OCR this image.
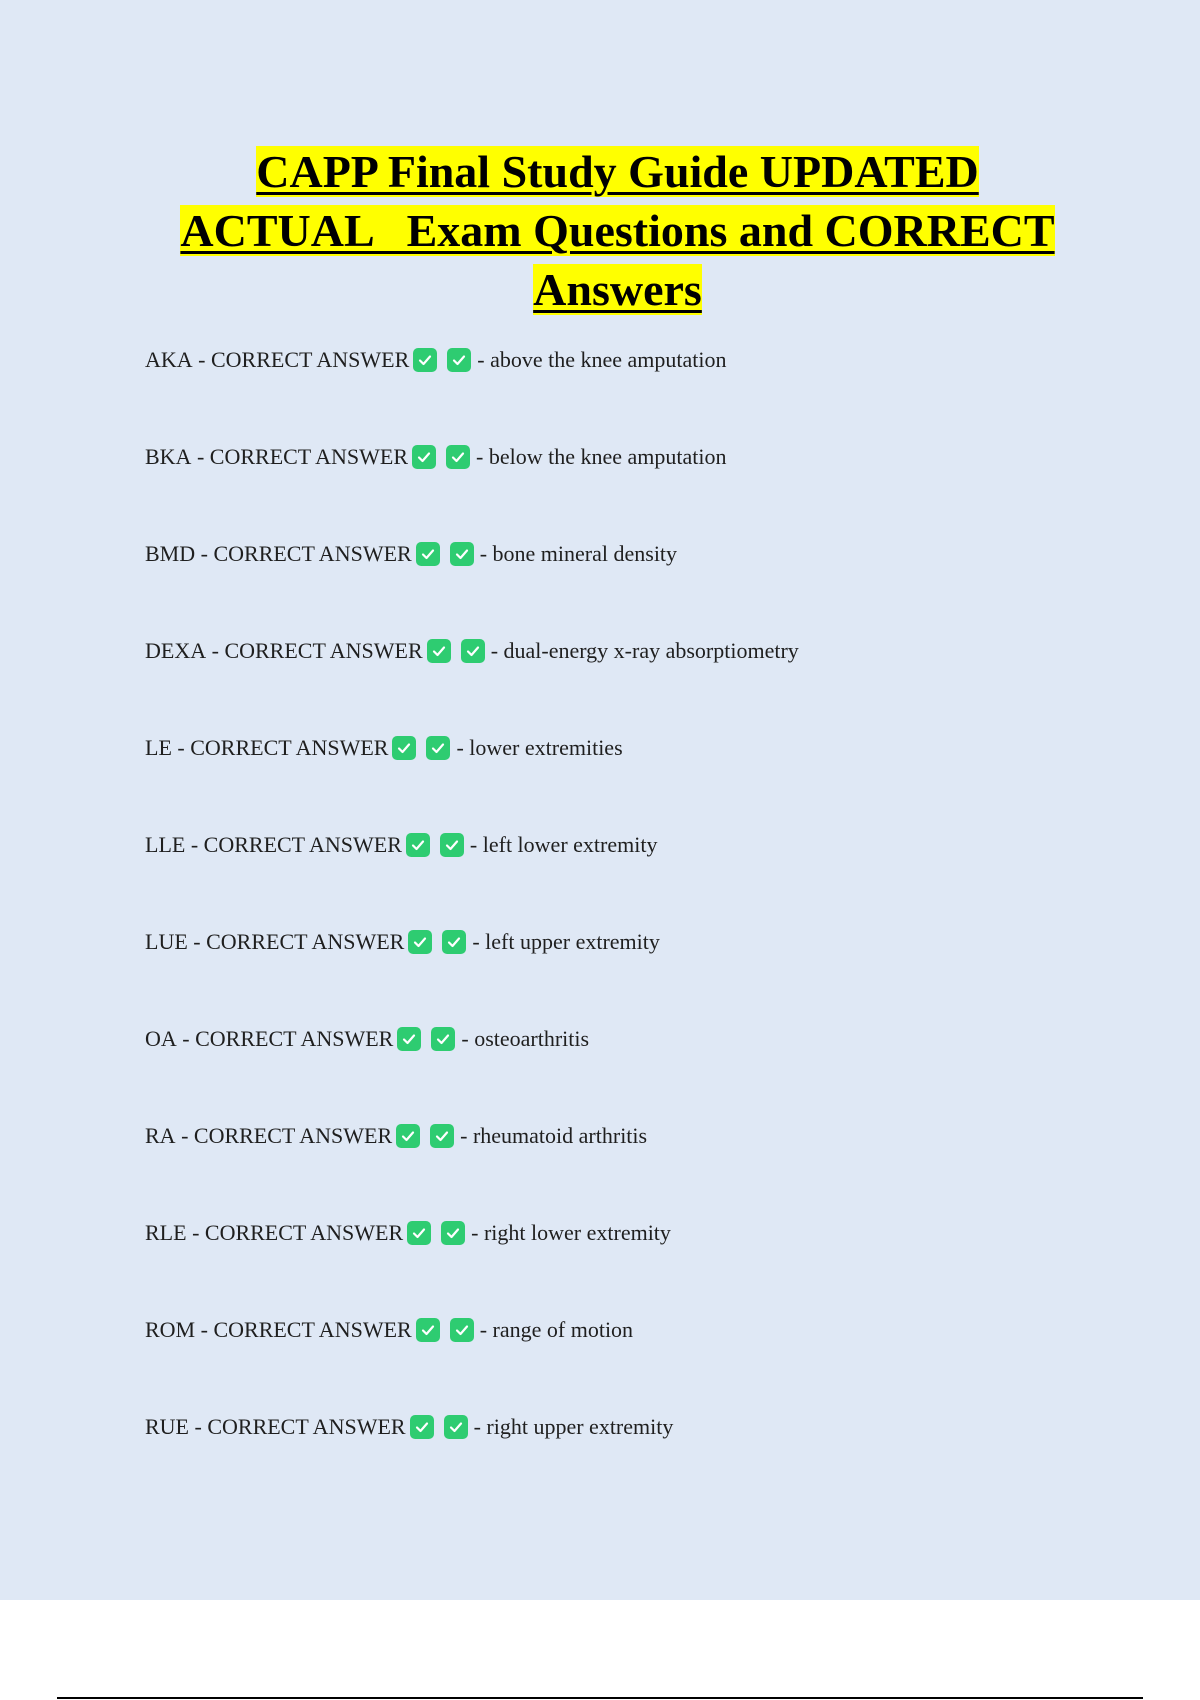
CAPP Final Study Guide UPDATED
ACTUAL   Exam Questions and CORRECT
Answers
AKA - CORRECT ANSWER	- above the knee amputation
BKA - CORRECT ANSWER	- below the knee amputation
BMD - CORRECT ANSWER	- bone mineral density
DEXA - CORRECT ANSWER	- dual-energy x-ray absorptiometry
LE - CORRECT ANSWER	- lower extremities
LLE - CORRECT ANSWER	- left lower extremity
LUE - CORRECT ANSWER	- left upper extremity
OA - CORRECT ANSWER	- osteoarthritis
RA - CORRECT ANSWER	- rheumatoid arthritis
RLE - CORRECT ANSWER	- right lower extremity
ROM - CORRECT ANSWER	- range of motion
RUE - CORRECT ANSWER	- right upper extremity
